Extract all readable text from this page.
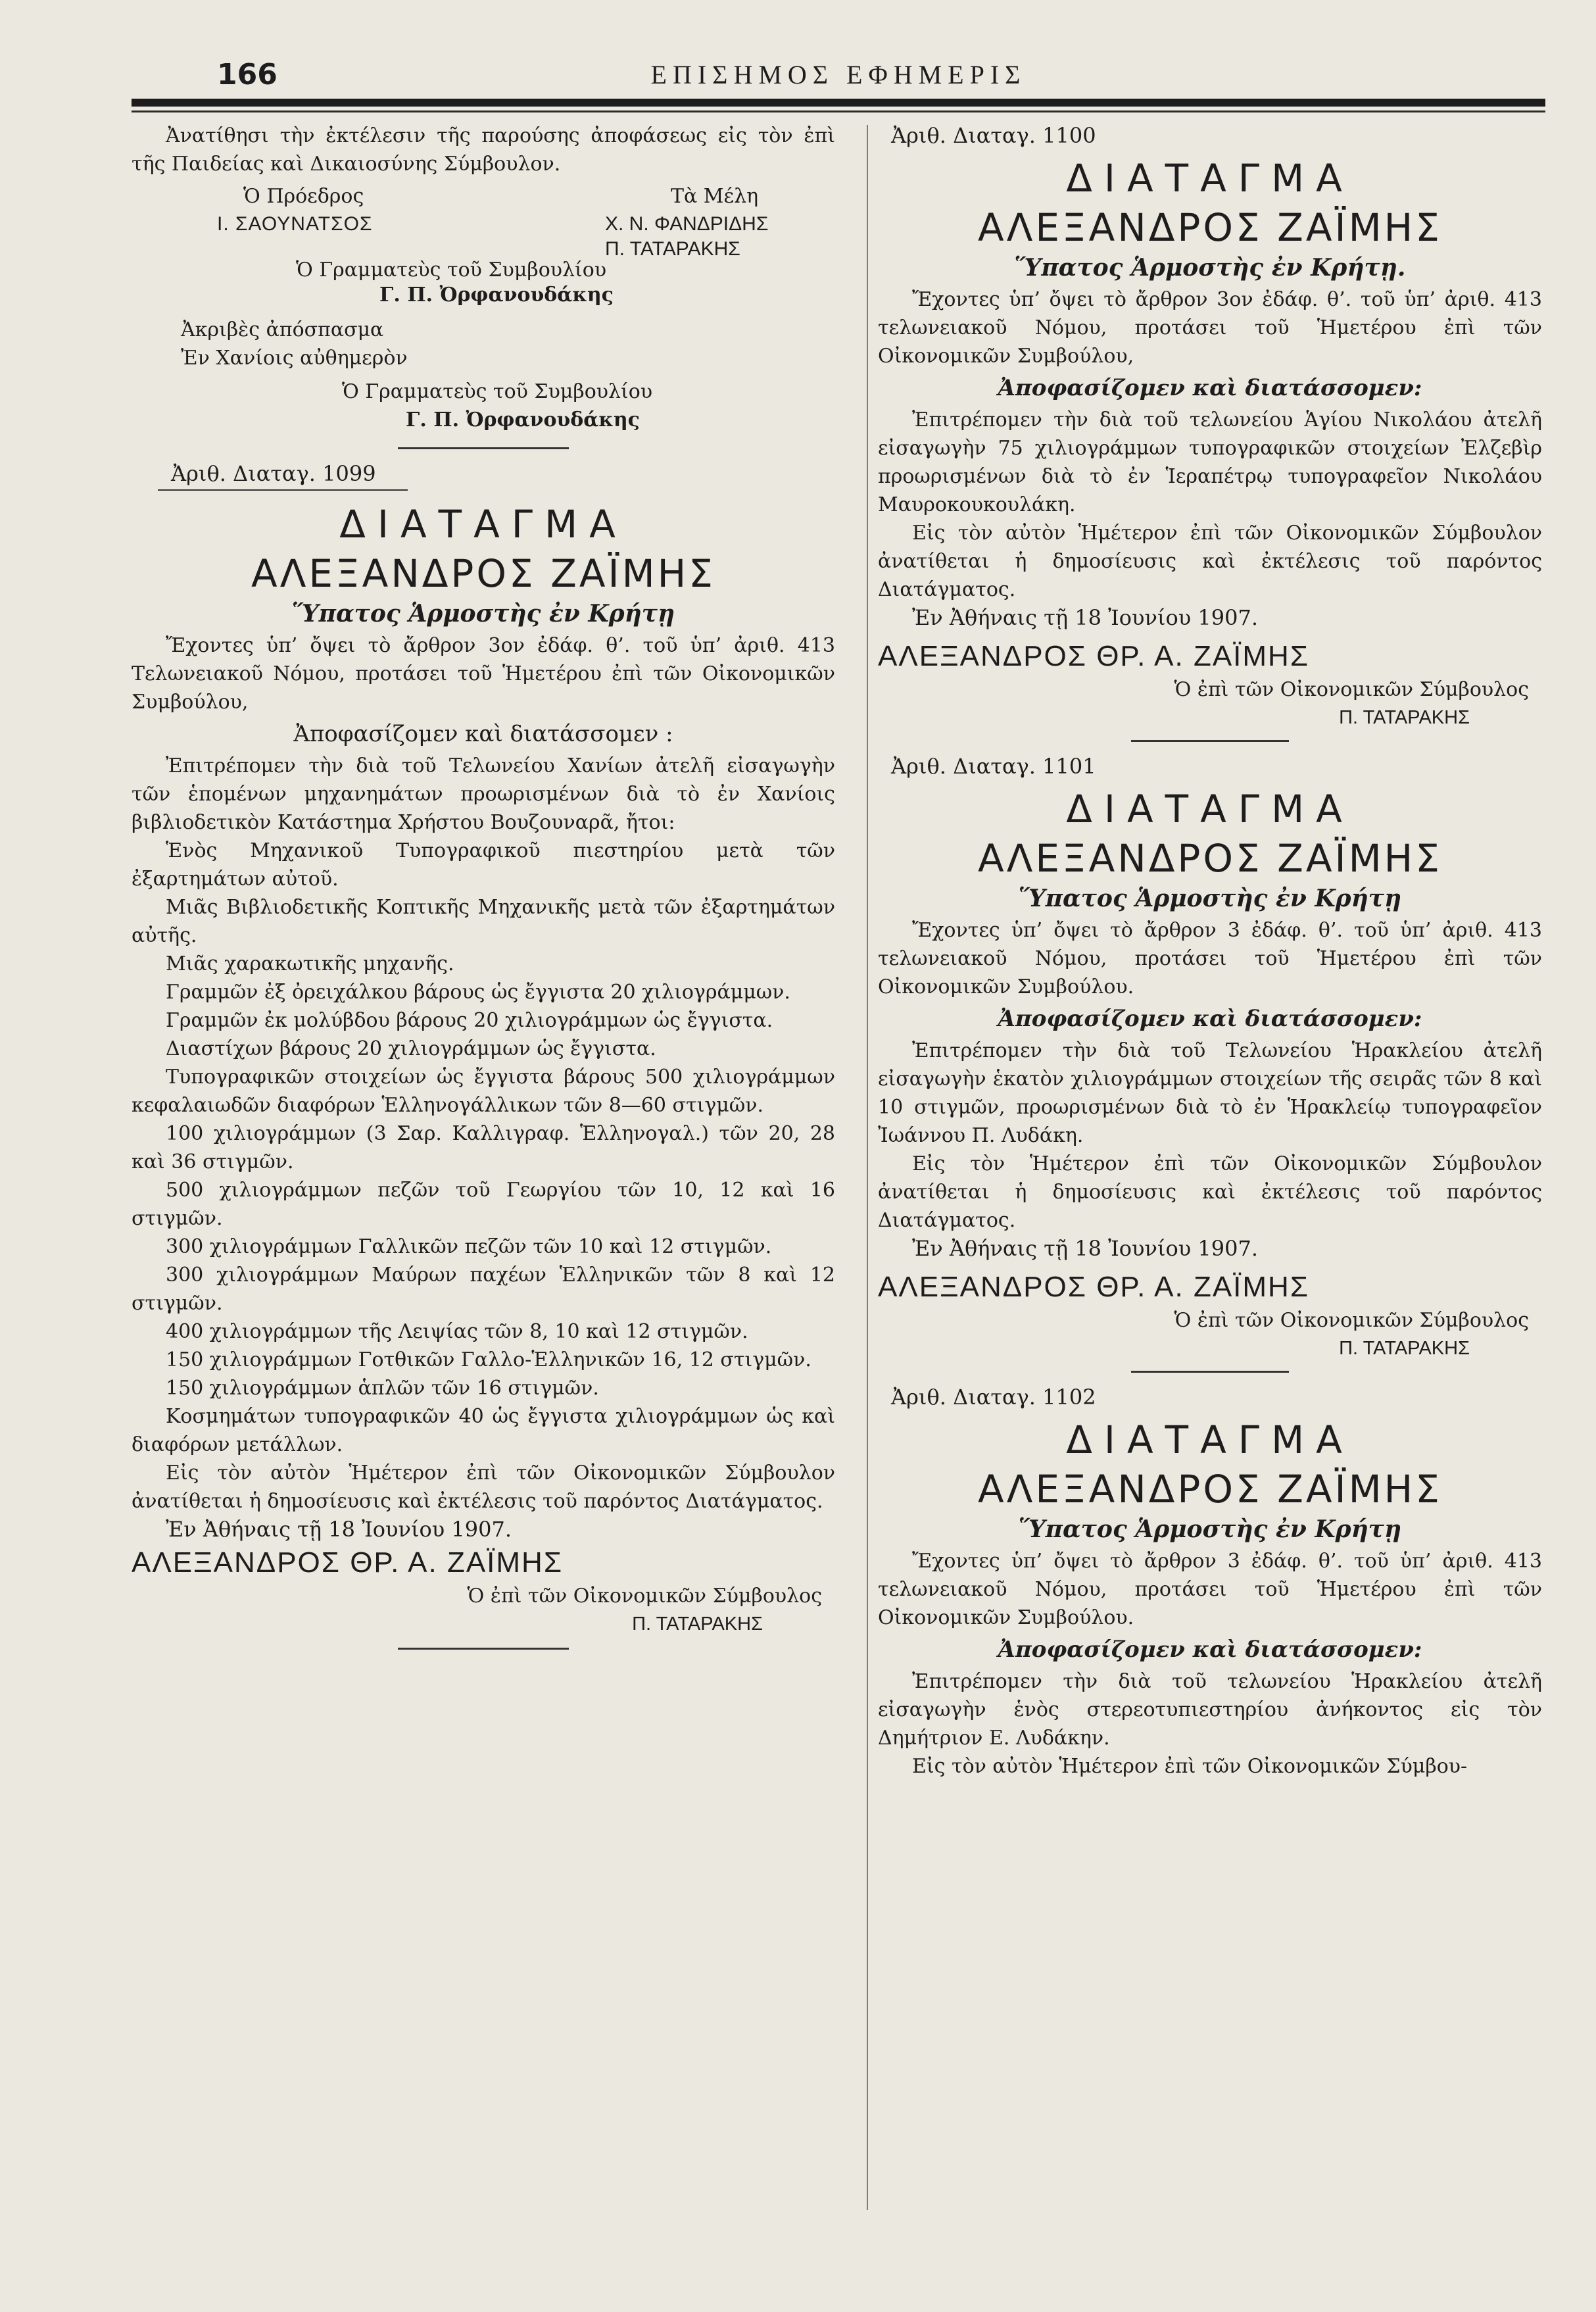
166	ΕΠΙΣΗΜΟΣ ΕΦΗΜΕΡΙΣ

Ἀνατίθησι τὴν ἐκτέλεσιν τῆς παρούσης ἀποφάσεως εἰς τὸν ἐπὶ τῆς Παιδείας καὶ Δικαιοσύνης Σύμβουλον.

Ὁ Πρόεδρος
Ι. ΣΑΟΥΝΑΤΣΟΣ
Τὰ Μέλη
Χ. Ν. ΦΑΝΔΡΙΔΗΣ
Π. ΤΑΤΑΡΑΚΗΣ
Ὁ Γραμματεὺς τοῦ Συμβουλίου

Γ. Π. Ὀρφανουδάκης

Ἀκριβὲς ἀπόσπασμα

Ἐν Χανίοις αὐθημερὸν

Ὁ Γραμματεὺς τοῦ Συμβουλίου

Γ. Π. Ὀρφανουδάκης

Ἀριθ. Διαταγ. 1099

ΔΙΑΤΑΓΜΑ
ΑΛΕΞΑΝΔΡΟΣ ΖΑΪΜΗΣ
Ὕπατος Ἁρμοστὴς ἐν Κρήτῃ

Ἔχοντες ὑπ’ ὄψει τὸ ἄρθρον 3ον ἐδάφ. θ’. τοῦ ὑπ’ ἀριθ. 413 Τελωνειακοῦ Νόμου, προτάσει τοῦ Ἡμετέρου ἐπὶ τῶν Οἰκονομικῶν Συμβούλου,

Ἀποφασίζομεν καὶ διατάσσομεν :

Ἐπιτρέπομεν τὴν διὰ τοῦ Τελωνείου Χανίων ἀτελῆ εἰσαγωγὴν τῶν ἑπομένων μηχανημάτων προωρισμένων διὰ τὸ ἐν Χανίοις βιβλιοδετικὸν Κατάστημα Χρήστου Βουζουναρᾶ, ἤτοι:

Ἑνὸς Μηχανικοῦ Τυπογραφικοῦ πιεστηρίου μετὰ τῶν ἐξαρτημάτων αὐτοῦ.

Μιᾶς Βιβλιοδετικῆς Κοπτικῆς Μηχανικῆς μετὰ τῶν ἐξαρτημάτων αὐτῆς.

Μιᾶς χαρακωτικῆς μηχανῆς.

Γραμμῶν ἐξ ὀρειχάλκου βάρους ὡς ἔγγιστα 20 χιλιογράμμων.

Γραμμῶν ἐκ μολύβδου βάρους 20 χιλιογράμμων ὡς ἔγγιστα.

Διαστίχων βάρους 20 χιλιογράμμων ὡς ἔγγιστα.

Τυπογραφικῶν στοιχείων ὡς ἔγγιστα βάρους 500 χιλιογράμμων κεφαλαιωδῶν διαφόρων Ἑλληνογάλλικων τῶν 8—60 στιγμῶν.

100 χιλιογράμμων (3 Σαρ. Καλλιγραφ. Ἑλληνογαλ.) τῶν 20, 28 καὶ 36 στιγμῶν.

500 χιλιογράμμων πεζῶν τοῦ Γεωργίου τῶν 10, 12 καὶ 16 στιγμῶν.

300 χιλιογράμμων Γαλλικῶν πεζῶν τῶν 10 καὶ 12 στιγμῶν.

300 χιλιογράμμων Μαύρων παχέων Ἑλληνικῶν τῶν 8 καὶ 12 στιγμῶν.

400 χιλιογράμμων τῆς Λειψίας τῶν 8, 10 καὶ 12 στιγμῶν.

150 χιλιογράμμων Γοτθικῶν Γαλλο-Ἑλληνικῶν 16, 12 στιγμῶν.

150 χιλιογράμμων ἁπλῶν τῶν 16 στιγμῶν.

Κοσμημάτων τυπογραφικῶν 40 ὡς ἔγγιστα χιλιογράμμων ὡς καὶ διαφόρων μετάλλων.

Εἰς τὸν αὐτὸν Ἡμέτερον ἐπὶ τῶν Οἰκονομικῶν Σύμβουλον ἀνατίθεται ἡ δημοσίευσις καὶ ἐκτέλεσις τοῦ παρόντος Διατάγματος.

Ἐν Ἀθήναις τῇ 18 Ἰουνίου 1907.

ΑΛΕΞΑΝΔΡΟΣ ΘΡ. Α. ΖΑΪΜΗΣ

Ὁ ἐπὶ τῶν Οἰκονομικῶν Σύμβουλος

Π. ΤΑΤΑΡΑΚΗΣ

Ἀριθ. Διαταγ. 1100

ΔΙΑΤΑΓΜΑ
ΑΛΕΞΑΝΔΡΟΣ ΖΑΪΜΗΣ
Ὕπατος Ἁρμοστὴς ἐν Κρήτῃ.

Ἔχοντες ὑπ’ ὄψει τὸ ἄρθρον 3ον ἐδάφ. θ’. τοῦ ὑπ’ ἀριθ. 413 τελωνειακοῦ Νόμου, προτάσει τοῦ Ἡμετέρου ἐπὶ τῶν Οἰκονομικῶν Συμβούλου,

Ἀποφασίζομεν καὶ διατάσσομεν:

Ἐπιτρέπομεν τὴν διὰ τοῦ τελωνείου Ἁγίου Νικολάου ἀτελῆ εἰσαγωγὴν 75 χιλιογράμμων τυπογραφικῶν στοιχείων Ἐλζεβὶρ προωρισμένων διὰ τὸ ἐν Ἱεραπέτρῳ τυπογραφεῖον Νικολάου Μαυροκουκουλάκη.

Εἰς τὸν αὐτὸν Ἡμέτερον ἐπὶ τῶν Οἰκονομικῶν Σύμβουλον ἀνατίθεται ἡ δημοσίευσις καὶ ἐκτέλεσις τοῦ παρόντος Διατάγματος.

Ἐν Ἀθήναις τῇ 18 Ἰουνίου 1907.

ΑΛΕΞΑΝΔΡΟΣ ΘΡ. Α. ΖΑΪΜΗΣ

Ὁ ἐπὶ τῶν Οἰκονομικῶν Σύμβουλος

Π. ΤΑΤΑΡΑΚΗΣ

Ἀριθ. Διαταγ. 1101

ΔΙΑΤΑΓΜΑ
ΑΛΕΞΑΝΔΡΟΣ ΖΑΪΜΗΣ
Ὕπατος Ἁρμοστὴς ἐν Κρήτῃ

Ἔχοντες ὑπ’ ὄψει τὸ ἄρθρον 3 ἐδάφ. θ’. τοῦ ὑπ’ ἀριθ. 413 τελωνειακοῦ Νόμου, προτάσει τοῦ Ἡμετέρου ἐπὶ τῶν Οἰκονομικῶν Συμβούλου.

Ἀποφασίζομεν καὶ διατάσσομεν:

Ἐπιτρέπομεν τὴν διὰ τοῦ Τελωνείου Ἡρακλείου ἀτελῆ εἰσαγωγὴν ἑκατὸν χιλιογράμμων στοιχείων τῆς σειρᾶς τῶν 8 καὶ 10 στιγμῶν, προωρισμένων διὰ τὸ ἐν Ἡρακλείῳ τυπογραφεῖον Ἰωάννου Π. Λυδάκη.

Εἰς τὸν Ἡμέτερον ἐπὶ τῶν Οἰκονομικῶν Σύμβουλον ἀνατίθεται ἡ δημοσίευσις καὶ ἐκτέλεσις τοῦ παρόντος Διατάγματος.

Ἐν Ἀθήναις τῇ 18 Ἰουνίου 1907.

ΑΛΕΞΑΝΔΡΟΣ ΘΡ. Α. ΖΑΪΜΗΣ

Ὁ ἐπὶ τῶν Οἰκονομικῶν Σύμβουλος

Π. ΤΑΤΑΡΑΚΗΣ

Ἀριθ. Διαταγ. 1102

ΔΙΑΤΑΓΜΑ
ΑΛΕΞΑΝΔΡΟΣ ΖΑΪΜΗΣ
Ὕπατος Ἁρμοστὴς ἐν Κρήτῃ

Ἔχοντες ὑπ’ ὄψει τὸ ἄρθρον 3 ἐδάφ. θ’. τοῦ ὑπ’ ἀριθ. 413 τελωνειακοῦ Νόμου, προτάσει τοῦ Ἡμετέρου ἐπὶ τῶν Οἰκονομικῶν Συμβούλου.

Ἀποφασίζομεν καὶ διατάσσομεν:

Ἐπιτρέπομεν τὴν διὰ τοῦ τελωνείου Ἡρακλείου ἀτελῆ εἰσαγωγὴν ἑνὸς στερεοτυπιεστηρίου ἀνήκοντος εἰς τὸν Δημήτριον Ε. Λυδάκην.

Εἰς τὸν αὐτὸν Ἡμέτερον ἐπὶ τῶν Οἰκονομικῶν Σύμβου-
